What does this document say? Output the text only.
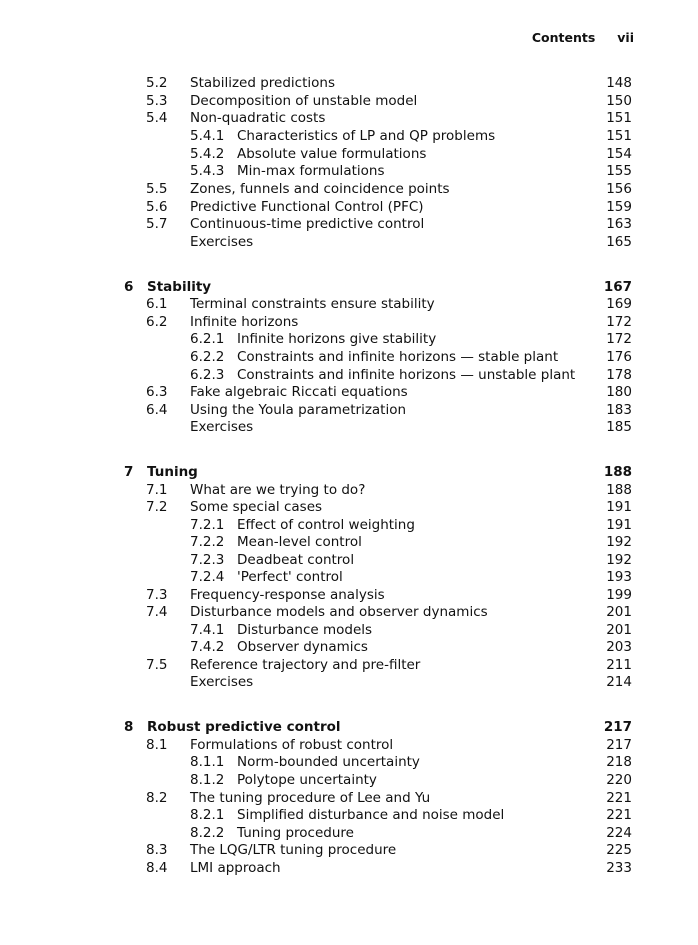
Contents vii
5.2 Stabilized predictions	148
5.3 Decomposition of unstable model	150
5.4 Non-quadratic costs	151
5.4.1 Characteristics of LP and QP problems	151
5.4.2 Absolute value formulations	154
5.4.3 Min-max formulations	155
5.5 Zones, funnels and coincidence points	156
5.6 Predictive Functional Control (PFC)	159
5.7 Continuous-time predictive control	163
Exercises	165
6 Stability	167
6.1 Terminal constraints ensure stability	169
6.2 Infinite horizons	172
6.2.1 Infinite horizons give stability	172
6.2.2 Constraints and infinite horizons — stable plant	176
6.2.3 Constraints and infinite horizons — unstable plant 178
6.3 Fake algebraic Riccati equations	180
6.4 Using the Youla parametrization	183
Exercises	185
7 Tuning	188
7.1 What are we trying to do?	188
7.2 Some special cases	191
7.2.1 Effect of control weighting	191
7.2.2 Mean-level control	192
7.2.3 Deadbeat control	192
7.2.4 'Perfect' control	193
7.3 Frequency-response analysis	199
7.4 Disturbance models and observer dynamics	201
7.4.1 Disturbance models	201
7.4.2 Observer dynamics	203
7.5 Reference trajectory and pre-filter	211
Exercises	214
8 Robust predictive control	217
8.1 Formulations of robust control	217
8.1.1 Norm-bounded uncertainty	218
8.1.2 Polytope uncertainty	220
8.2 The tuning procedure of Lee and Yu	221
8.2.1 Simplified disturbance and noise model	221
8.2.2 Tuning procedure	224
8.3 The LQG/LTR tuning procedure	225
8.4 LMI approach	233
